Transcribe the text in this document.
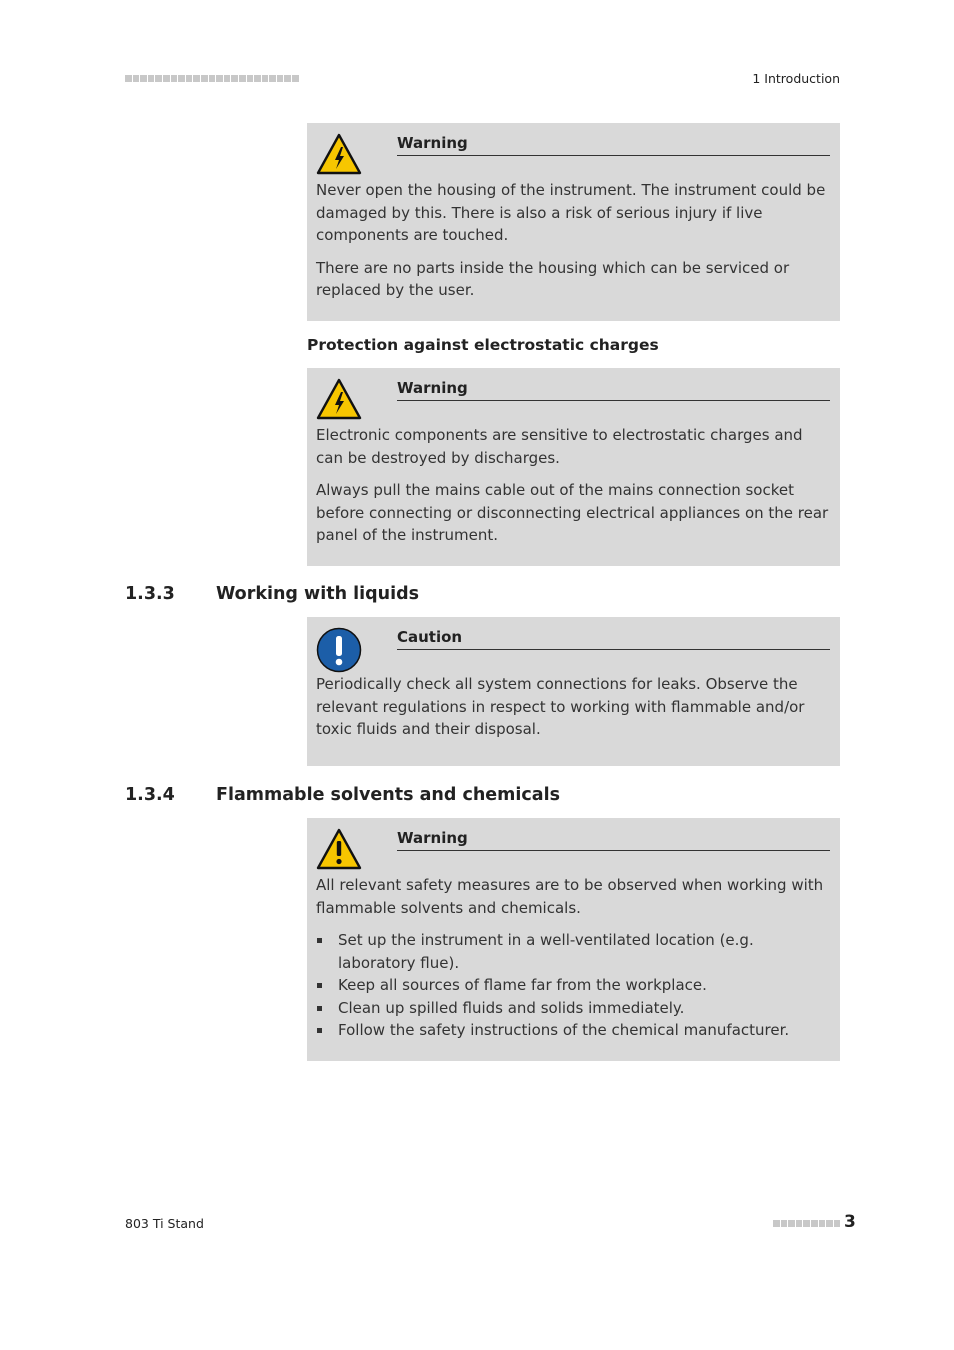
1 Introduction
Warning

Never open the housing of the instrument. The instrument could be damaged by this. There is also a risk of serious injury if live components are touched.

There are no parts inside the housing which can be serviced or replaced by the user.

Protection against electrostatic charges
Warning

Electronic components are sensitive to electrostatic charges and can be destroyed by discharges.

Always pull the mains cable out of the mains connection socket before connecting or disconnecting electrical appliances on the rear panel of the instrument.

1.3.3 Working with liquids
Caution

Periodically check all system connections for leaks. Observe the relevant regulations in respect to working with flammable and/or toxic fluids and their disposal.

1.3.4 Flammable solvents and chemicals
Warning

All relevant safety measures are to be observed when working with flammable solvents and chemicals.

Set up the instrument in a well-ventilated location (e.g. laboratory flue).
Keep all sources of flame far from the workplace.
Clean up spilled fluids and solids immediately.
Follow the safety instructions of the chemical manufacturer.
803 Ti Stand	3
